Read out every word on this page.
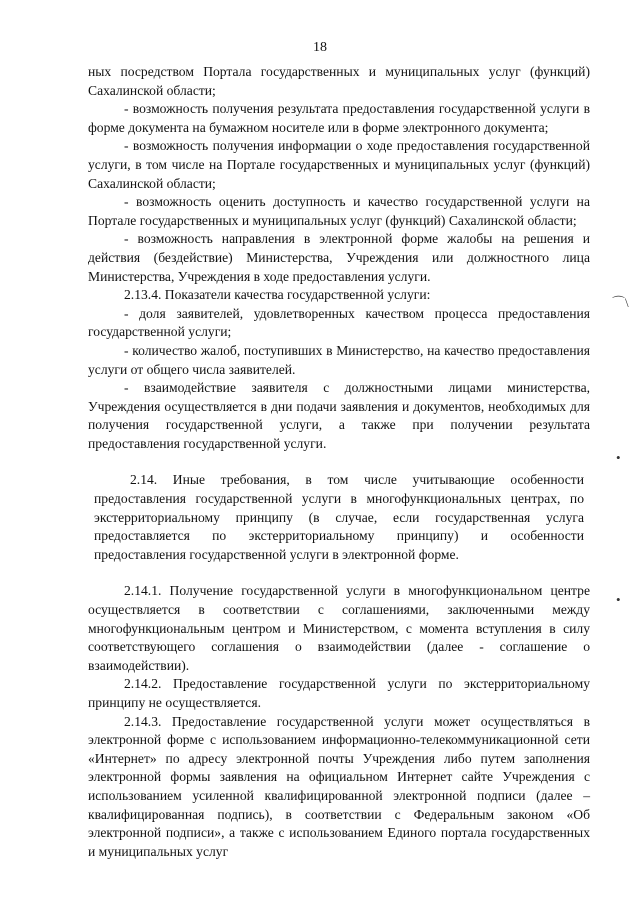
18

ных посредством Портала государственных и муниципальных услуг (функций) Сахалинской области;

- возможность получения результата предоставления государственной услуги в форме документа на бумажном носителе или в форме электронного документа;

- возможность получения информации о ходе предоставления государственной услуги, в том числе на Портале государственных и муниципальных услуг (функций) Сахалинской области;

- возможность оценить доступность и качество государственной услуги на Портале государственных и муниципальных услуг (функций) Сахалинской области;

- возможность направления в электронной форме жалобы на решения и действия (бездействие) Министерства, Учреждения или должностного лица Министерства, Учреждения в ходе предоставления услуги.

2.13.4. Показатели качества государственной услуги:

- доля заявителей, удовлетворенных качеством процесса предоставления государственной услуги;

- количество жалоб, поступивших в Министерство, на качество предоставления услуги от общего числа заявителей.

- взаимодействие заявителя с должностными лицами министерства, Учреждения осуществляется в дни подачи заявления и документов, необходимых для получения государственной услуги, а также при получении результата предоставления государственной услуги.

2.14. Иные требования, в том числе учитывающие особенности предоставления государственной услуги в многофункциональных центрах, по экстерриториальному принципу (в случае, если государственная услуга предоставляется по экстерриториальному принципу) и особенности предоставления государственной услуги в электронной форме.

2.14.1. Получение государственной услуги в многофункциональном центре осуществляется в соответствии с соглашениями, заключенными между многофункциональным центром и Министерством, с момента вступления в силу соответствующего соглашения о взаимодействии (далее - соглашение о взаимодействии).

2.14.2. Предоставление государственной услуги по экстерриториальному принципу не осуществляется.

2.14.3. Предоставление государственной услуги может осуществляться в электронной форме с использованием информационно-телекоммуникационной сети «Интернет» по адресу электронной почты Учреждения либо путем заполнения электронной формы заявления на официальном Интернет сайте Учреждения с использованием усиленной квалифицированной электронной подписи (далее – квалифицированная подпись), в соответствии с Федеральным законом «Об электронной подписи», а также с использованием Единого портала государственных и муниципальных услуг

⌒\
•
•
